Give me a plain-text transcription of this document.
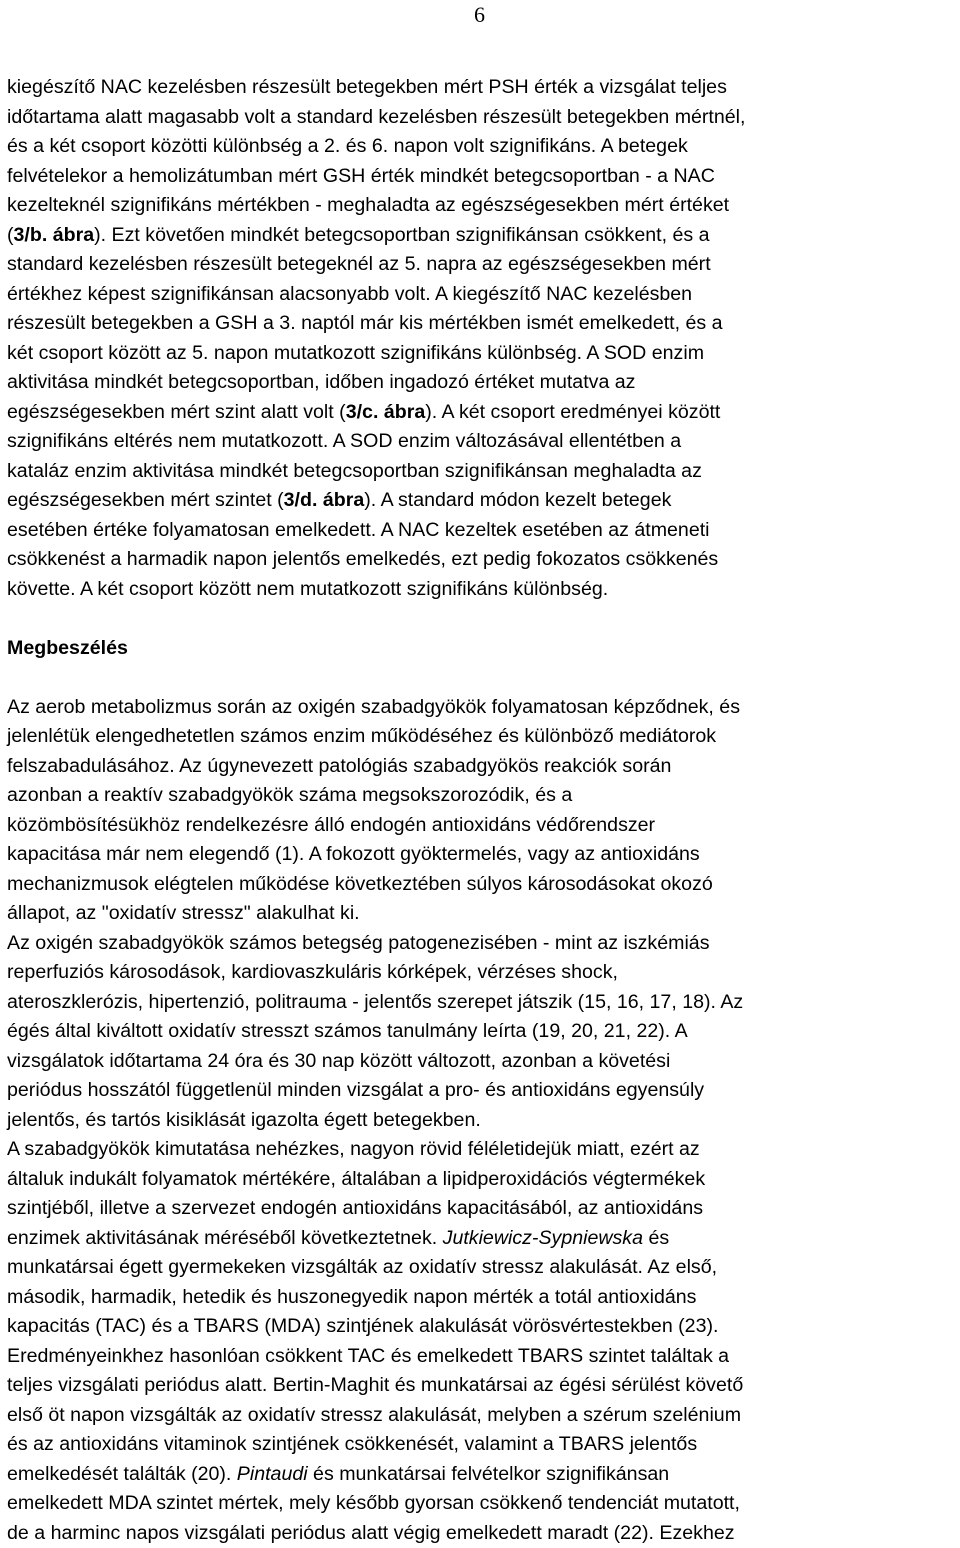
6
kiegészítő NAC kezelésben részesült betegekben mért PSH érték a vizsgálat teljes
időtartama alatt magasabb volt a standard kezelésben részesült betegekben mértnél,
és a két csoport közötti különbség a 2. és 6. napon volt szignifikáns. A betegek
felvételekor a hemolizátumban mért GSH érték mindkét betegcsoportban - a NAC
kezelteknél szignifikáns mértékben - meghaladta az egészségesekben mért értéket
(3/b. ábra). Ezt követően mindkét betegcsoportban szignifikánsan csökkent, és a
standard kezelésben részesült betegeknél az 5. napra az egészségesekben mért
értékhez képest szignifikánsan alacsonyabb volt. A kiegészítő NAC kezelésben
részesült betegekben a GSH a 3. naptól már kis mértékben ismét emelkedett, és a
két csoport között az 5. napon mutatkozott szignifikáns különbség. A SOD enzim
aktivitása mindkét betegcsoportban, időben ingadozó értéket mutatva az
egészségesekben mért szint alatt volt (3/c. ábra). A két csoport eredményei között
szignifikáns eltérés nem mutatkozott. A SOD enzim változásával ellentétben a
kataláz enzim aktivitása mindkét betegcsoportban szignifikánsan meghaladta az
egészségesekben mért szintet (3/d. ábra). A standard módon kezelt betegek
esetében értéke folyamatosan emelkedett. A NAC kezeltek esetében az átmeneti
csökkenést a harmadik napon jelentős emelkedés, ezt pedig fokozatos csökkenés
követte. A két csoport között nem mutatkozott szignifikáns különbség.
Megbeszélés
Az aerob metabolizmus során az oxigén szabadgyökök folyamatosan képződnek, és
jelenlétük elengedhetetlen számos enzim működéséhez és különböző mediátorok
felszabadulásához. Az úgynevezett patológiás szabadgyökös reakciók során
azonban a reaktív szabadgyökök száma megsokszorozódik, és a
közömbösítésükhöz rendelkezésre álló endogén antioxidáns védőrendszer
kapacitása már nem elegendő (1). A fokozott gyöktermelés, vagy az antioxidáns
mechanizmusok elégtelen működése következtében súlyos károsodásokat okozó
állapot, az "oxidatív stressz" alakulhat ki.
Az oxigén szabadgyökök számos betegség patogenezisében - mint az iszkémiás
reperfuziós károsodások, kardiovaszkuláris kórképek, vérzéses shock,
ateroszklerózis, hipertenzió, politrauma - jelentős szerepet játszik (15, 16, 17, 18). Az
égés által kiváltott oxidatív stresszt számos tanulmány leírta (19, 20, 21, 22). A
vizsgálatok időtartama 24 óra és 30 nap között változott, azonban a követési
periódus hosszától függetlenül minden vizsgálat a pro- és antioxidáns egyensúly
jelentős, és tartós kisiklását igazolta égett betegekben.
A szabadgyökök kimutatása nehézkes, nagyon rövid féléletidejük miatt, ezért az
általuk indukált folyamatok mértékére, általában a lipidperoxidációs végtermékek
szintjéből, illetve a szervezet endogén antioxidáns kapacitásából, az antioxidáns
enzimek aktivitásának méréséből következtetnek. Jutkiewicz-Sypniewska és
munkatársai égett gyermekeken vizsgálták az oxidatív stressz alakulását. Az első,
második, harmadik, hetedik és huszonegyedik napon mérték a totál antioxidáns
kapacitás (TAC) és a TBARS (MDA) szintjének alakulását vörösvértestekben (23).
Eredményeinkhez hasonlóan csökkent TAC és emelkedett TBARS szintet találtak a
teljes vizsgálati periódus alatt. Bertin-Maghit és munkatársai az égési sérülést követő
első öt napon vizsgálták az oxidatív stressz alakulását, melyben a szérum szelénium
és az antioxidáns vitaminok szintjének csökkenését, valamint a TBARS jelentős
emelkedését találták (20). Pintaudi és munkatársai felvételkor szignifikánsan
emelkedett MDA szintet mértek, mely később gyorsan csökkenő tendenciát mutatott,
de a harminc napos vizsgálati periódus alatt végig emelkedett maradt (22). Ezekhez
